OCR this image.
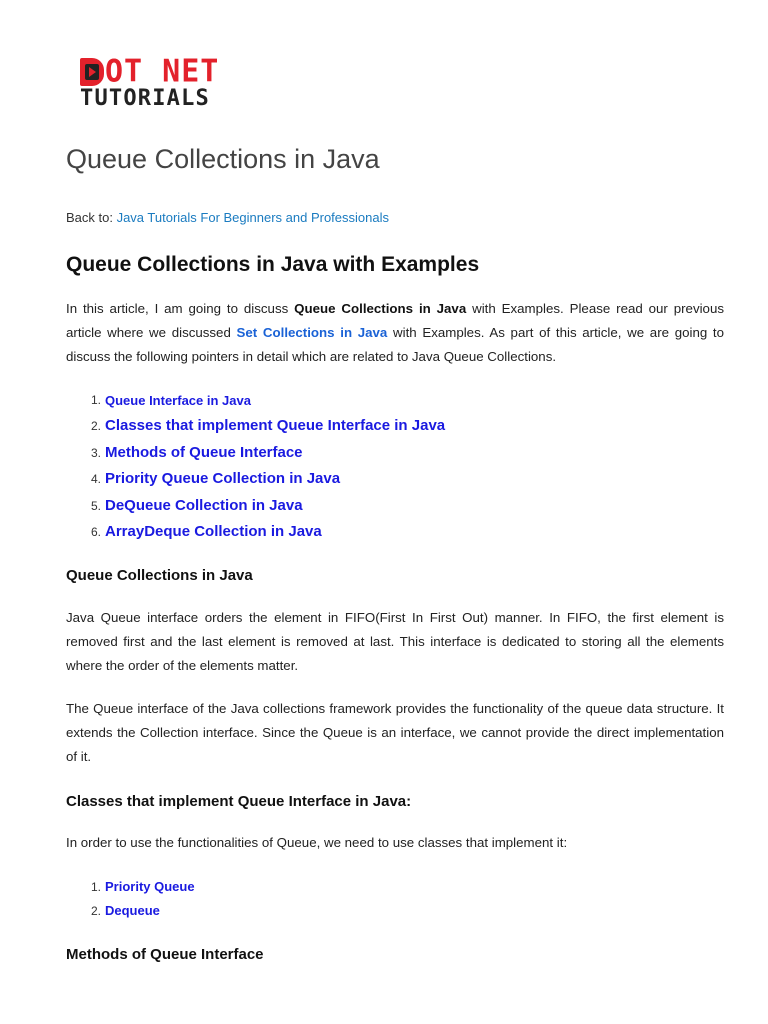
OT NET
TUTORIALS
Queue Collections in Java
Back to: Java Tutorials For Beginners and Professionals
Queue Collections in Java with Examples

In this article, I am going to discuss Queue Collections in Java with Examples. Please read our previous article where we discussed Set Collections in Java with Examples. As part of this article, we are going to discuss the following pointers in detail which are related to Java Queue Collections.

1. Queue Interface in Java
2. Classes that implement Queue Interface in Java
3. Methods of Queue Interface
4. Priority Queue Collection in Java
5. DeQueue Collection in Java
6. ArrayDeque Collection in Java
Queue Collections in Java

Java Queue interface orders the element in FIFO(First In First Out) manner. In FIFO, the first element is removed first and the last element is removed at last. This interface is dedicated to storing all the elements where the order of the elements matter.

The Queue interface of the Java collections framework provides the functionality of the queue data structure. It extends the Collection interface. Since the Queue is an interface, we cannot provide the direct implementation of it.

Classes that implement Queue Interface in Java:

In order to use the functionalities of Queue, we need to use classes that implement it:

1. Priority Queue
2. Dequeue
Methods of Queue Interface
